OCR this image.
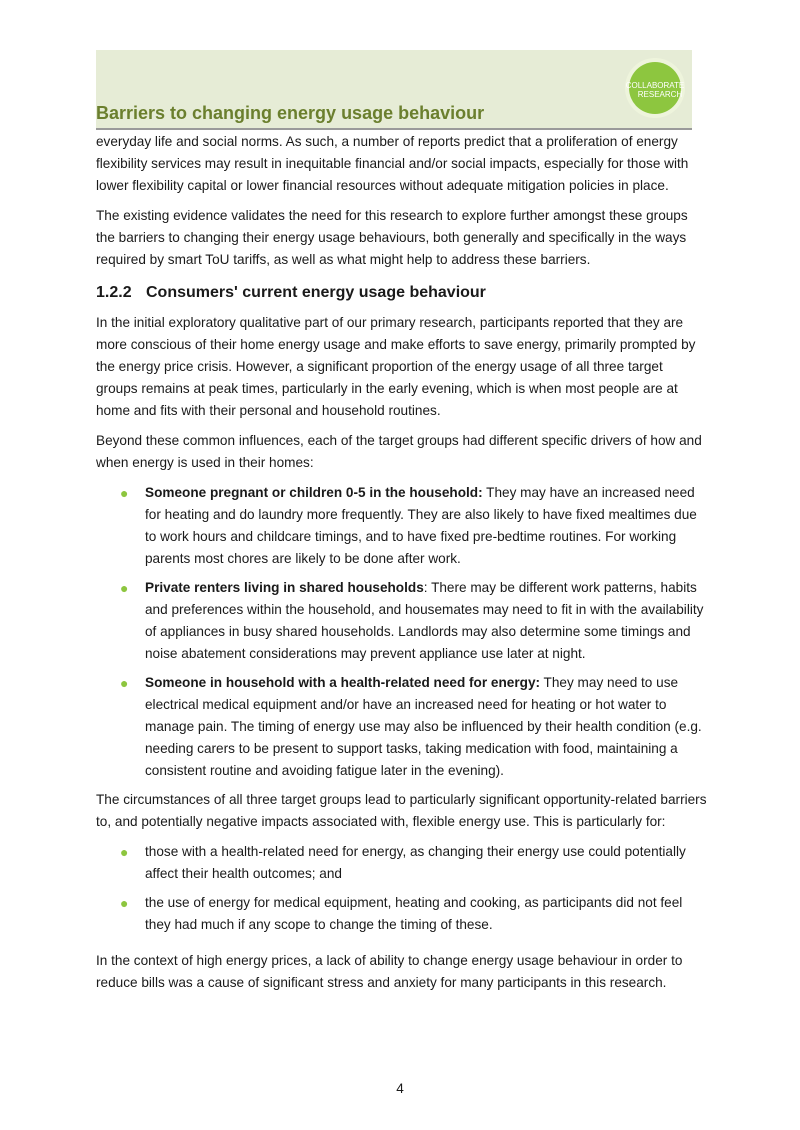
Barriers to changing energy usage behaviour
COLLABORATE
RESEARCH

everyday life and social norms. As such, a number of reports predict that a proliferation of energy flexibility services may result in inequitable financial and/or social impacts, especially for those with lower flexibility capital or lower financial resources without adequate mitigation policies in place.

The existing evidence validates the need for this research to explore further amongst these groups the barriers to changing their energy usage behaviours, both generally and specifically in the ways required by smart ToU tariffs, as well as what might help to address these barriers.

1.2.2 Consumers' current energy usage behaviour

In the initial exploratory qualitative part of our primary research, participants reported that they are more conscious of their home energy usage and make efforts to save energy, primarily prompted by the energy price crisis. However, a significant proportion of the energy usage of all three target groups remains at peak times, particularly in the early evening, which is when most people are at home and fits with their personal and household routines.

Beyond these common influences, each of the target groups had different specific drivers of how and when energy is used in their homes:

● Someone pregnant or children 0-5 in the household: They may have an increased need for heating and do laundry more frequently. They are also likely to have fixed mealtimes due to work hours and childcare timings, and to have fixed pre-bedtime routines. For working parents most chores are likely to be done after work.
● Private renters living in shared households: There may be different work patterns, habits and preferences within the household, and housemates may need to fit in with the availability of appliances in busy shared households. Landlords may also determine some timings and noise abatement considerations may prevent appliance use later at night.
● Someone in household with a health-related need for energy: They may need to use electrical medical equipment and/or have an increased need for heating or hot water to manage pain. The timing of energy use may also be influenced by their health condition (e.g. needing carers to be present to support tasks, taking medication with food, maintaining a consistent routine and avoiding fatigue later in the evening).

The circumstances of all three target groups lead to particularly significant opportunity-related barriers to, and potentially negative impacts associated with, flexible energy use. This is particularly for:

● those with a health-related need for energy, as changing their energy use could potentially affect their health outcomes; and
● the use of energy for medical equipment, heating and cooking, as participants did not feel they had much if any scope to change the timing of these.

In the context of high energy prices, a lack of ability to change energy usage behaviour in order to reduce bills was a cause of significant stress and anxiety for many participants in this research.

4
